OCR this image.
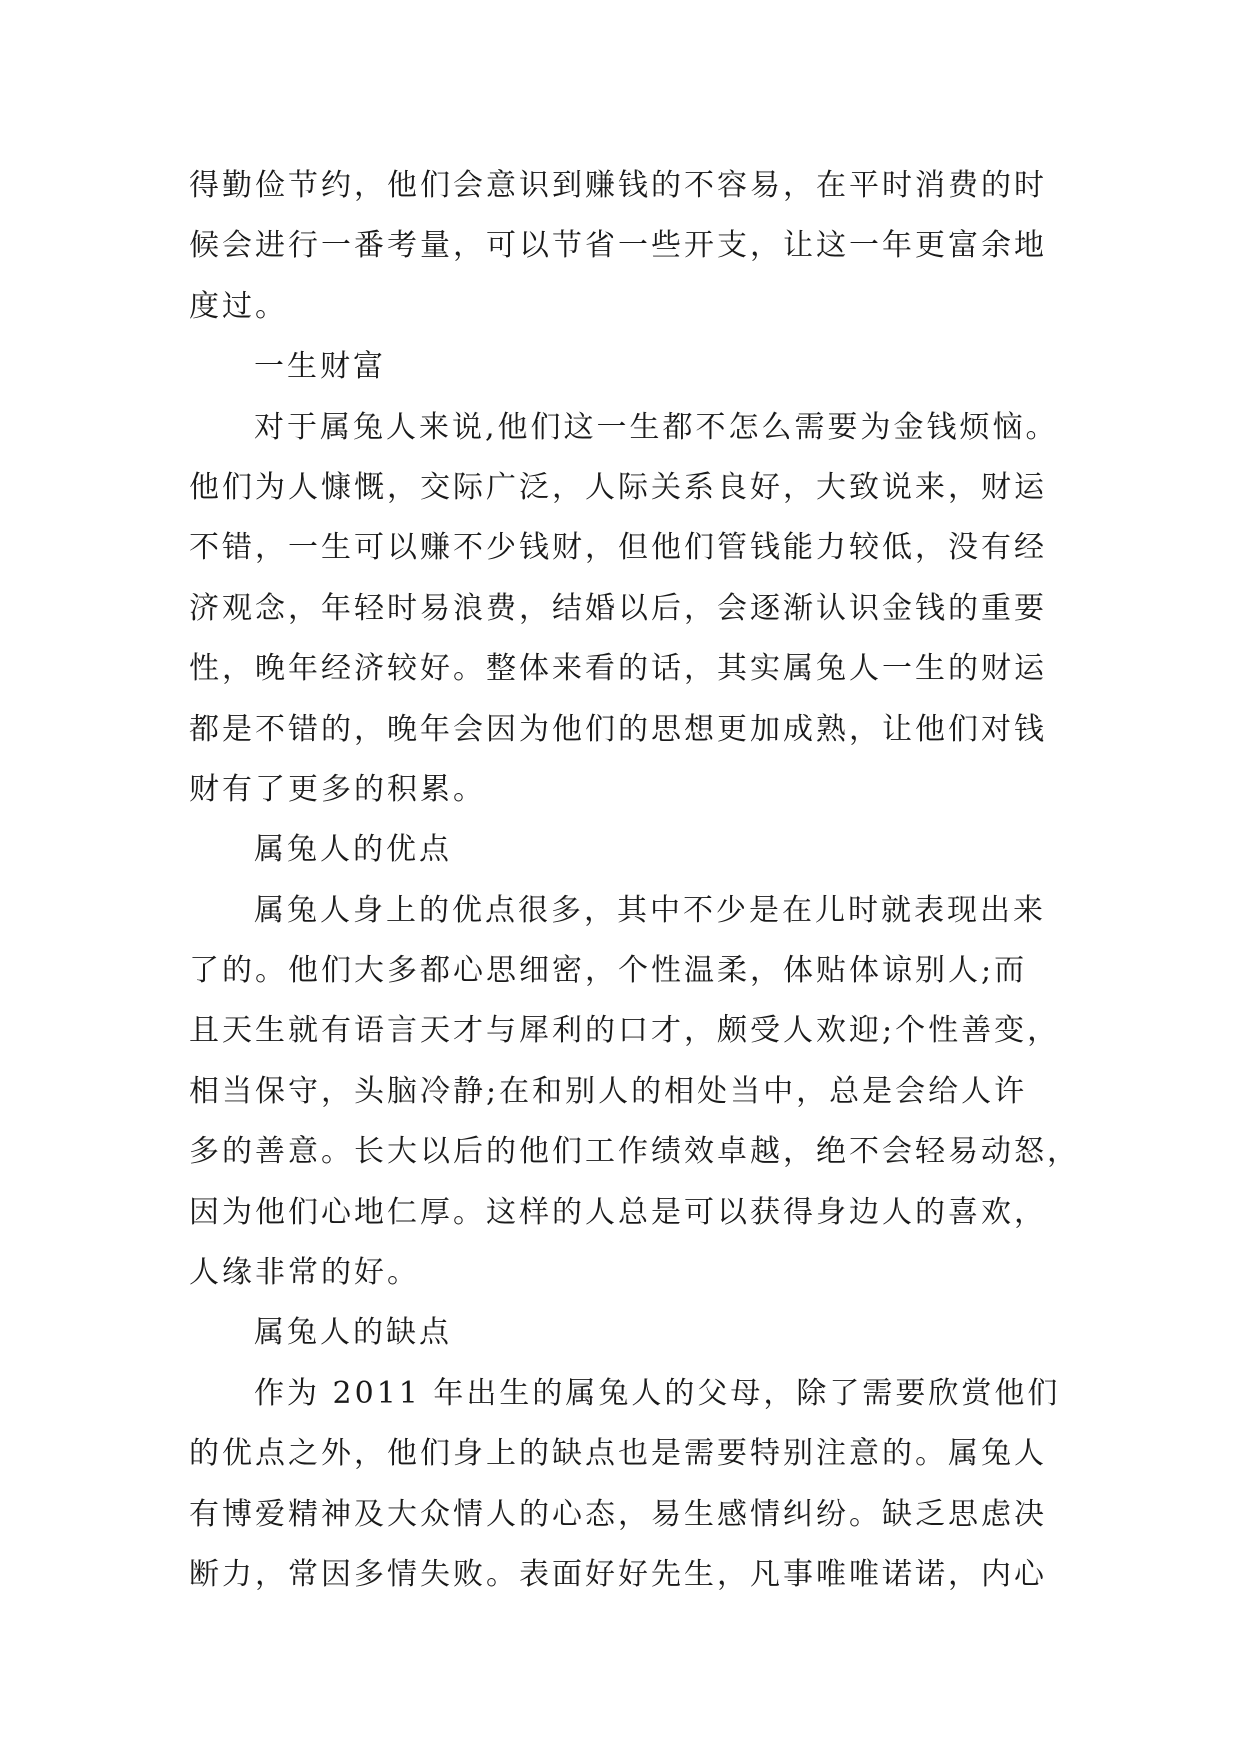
得勤俭节约，他们会意识到赚钱的不容易，在平时消费的时
候会进行一番考量，可以节省一些开支，让这一年更富余地
度过。
一生财富
对于属兔人来说,他们这一生都不怎么需要为金钱烦恼。
他们为人慷慨，交际广泛，人际关系良好，大致说来，财运
不错，一生可以赚不少钱财，但他们管钱能力较低，没有经
济观念，年轻时易浪费，结婚以后，会逐渐认识金钱的重要
性，晚年经济较好。整体来看的话，其实属兔人一生的财运
都是不错的，晚年会因为他们的思想更加成熟，让他们对钱
财有了更多的积累。
属兔人的优点
属兔人身上的优点很多，其中不少是在儿时就表现出来
了的。他们大多都心思细密，个性温柔，体贴体谅别人;而
且天生就有语言天才与犀利的口才，颇受人欢迎;个性善变，
相当保守，头脑冷静;在和别人的相处当中，总是会给人许
多的善意。长大以后的他们工作绩效卓越，绝不会轻易动怒，
因为他们心地仁厚。这样的人总是可以获得身边人的喜欢，
人缘非常的好。
属兔人的缺点
作为 2011 年出生的属兔人的父母，除了需要欣赏他们
的优点之外，他们身上的缺点也是需要特别注意的。属兔人
有博爱精神及大众情人的心态，易生感情纠纷。缺乏思虑决
断力，常因多情失败。表面好好先生，凡事唯唯诺诺，内心
